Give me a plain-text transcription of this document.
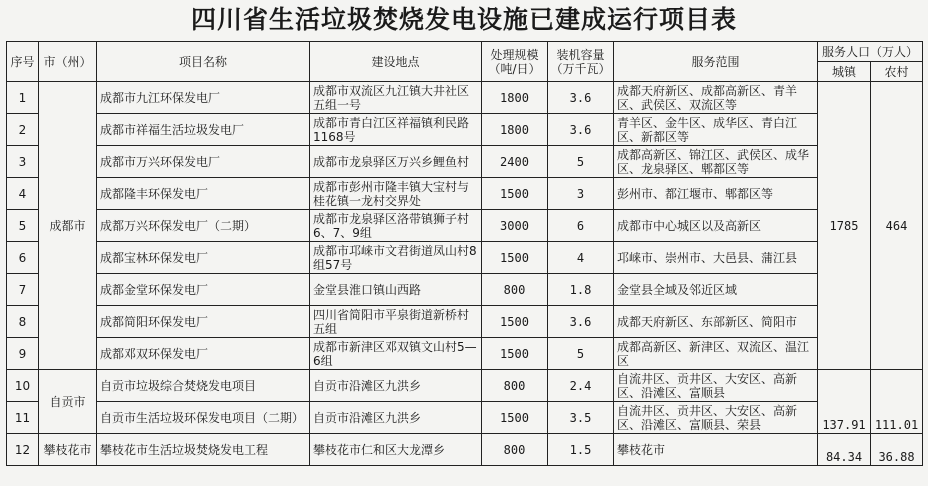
四川省生活垃圾焚烧发电设施已建成运行项目表
序号	市（州）	项目名称	建设地点	处理规模（吨/日）	装机容量（万千瓦）	服务范围	服务人口（万人）	
							城镇	农村
1	成都市	成都市九江环保发电厂	成都市双流区九江镇大井社区五组一号	1800	3.6	成都天府新区、成都高新区、青羊区、武侯区、双流区等	1785	464
2		成都市祥福生活垃圾发电厂	成都市青白江区祥福镇利民路1168号	1800	3.6	青羊区、金牛区、成华区、青白江区、新都区等		
3		成都市万兴环保发电厂	成都市龙泉驿区万兴乡鲤鱼村	2400	5	成都高新区、锦江区、武侯区、成华区、龙泉驿区、郫都区等		
4		成都隆丰环保发电厂	成都市彭州市隆丰镇大宝村与桂花镇一龙村交界处	1500	3	彭州市、都江堰市、郫都区等		
5		成都万兴环保发电厂（二期）	成都市龙泉驿区洛带镇狮子村6、7、9组	3000	6	成都市中心城区以及高新区		
6		成都宝林环保发电厂	成都市邛崃市文君街道凤山村8组57号	1500	4	邛崃市、崇州市、大邑县、蒲江县		
7		成都金堂环保发电厂	金堂县淮口镇山西路	800	1.8	金堂县全域及邻近区域		
8		成都简阳环保发电厂	四川省简阳市平泉街道新桥村五组	1500	3.6	成都天府新区、东部新区、简阳市		
9		成都邓双环保发电厂	成都市新津区邓双镇文山村5—6组	1500	5	成都高新区、新津区、双流区、温江区		
10	自贡市	自贡市垃圾综合焚烧发电项目	自贡市沿滩区九洪乡	800	2.4	自流井区、贡井区、大安区、高新区、沿滩区、富顺县	137.91	111.01
11		自贡市生活垃圾环保发电项目（二期）	自贡市沿滩区九洪乡	1500	3.5	自流井区、贡井区、大安区、高新区、沿滩区、富顺县、荣县		
12	攀枝花市	攀枝花市生活垃圾焚烧发电工程	攀枝花市仁和区大龙潭乡	800	1.5	攀枝花市	84.34	36.88
